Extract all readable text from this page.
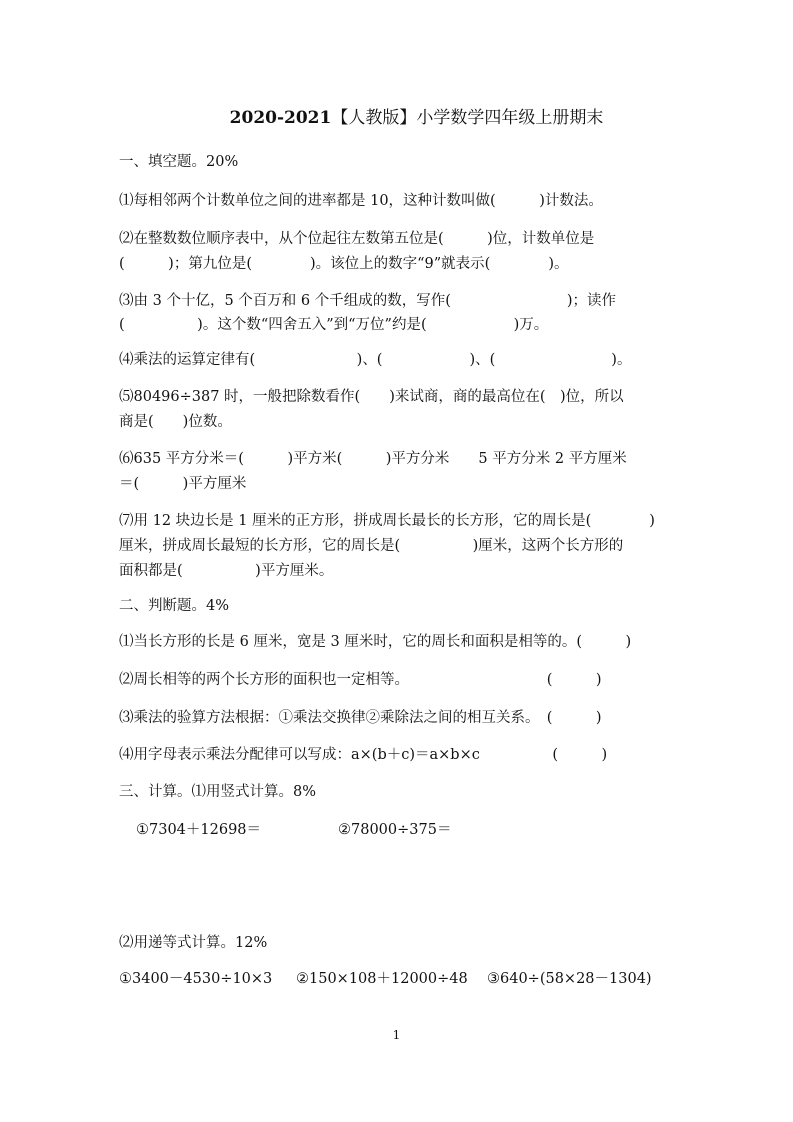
2020-2021【人教版】小学数学四年级上册期末
一、填空题。20%
⑴每相邻两个计数单位之间的进率都是 10，这种计数叫做(　　　)计数法。
⑵在整数数位顺序表中，从个位起往左数第五位是(　　　)位，计数单位是
(　　　)；第九位是(　　　　)。该位上的数字“9”就表示(　　　　)。
⑶由 3 个十亿，5 个百万和 6 个千组成的数，写作(　　　　　　　　)；读作
(　　　　　)。这个数“四舍五入”到“万位”约是(　　　　　　)万。
⑷乘法的运算定律有(　　　　　　　)、(　　　　　　)、(　　　　　　　　)。
⑸80496÷387 时，一般把除数看作(　　)来试商，商的最高位在(　)位，所以
商是(　　)位数。
⑹635 平方分米＝(　　　)平方米(　　　)平方分米　　5 平方分米 2 平方厘米
＝(　　　)平方厘米
⑺用 12 块边长是 1 厘米的正方形，拼成周长最长的长方形，它的周长是(　　　　)
厘米，拼成周长最短的长方形，它的周长是(　　　　　)厘米，这两个长方形的
面积都是(　　　　　)平方厘米。
二、判断题。4%
⑴当长方形的长是 6 厘米，宽是 3 厘米时，它的周长和面积是相等的。(　　　)
⑵周长相等的两个长方形的面积也一定相等。　　　　　　　　　　(　　　)
⑶乘法的验算方法根据：①乘法交换律②乘除法之间的相互关系。　(　　　)
⑷用字母表示乘法分配律可以写成：a×(b＋c)＝a×b×c　　　　　(　　　)
三、计算。⑴用竖式计算。8%
①7304＋12698＝	②78000÷375＝
⑵用递等式计算。12%
①3400－4530÷10×3 ②150×108＋12000÷48 ③640÷(58×28－1304)
1
